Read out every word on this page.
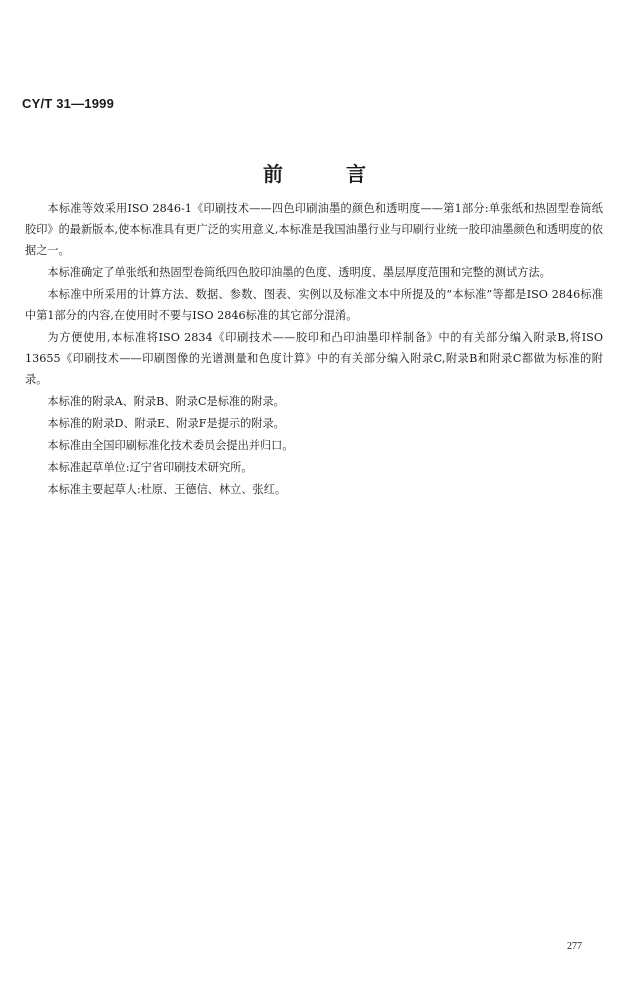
CY/T 31—1999
前 言

本标准等效采用ISO 2846-1《印刷技术——四色印刷油墨的颜色和透明度——第1部分:单张纸和热固型卷筒纸胶印》的最新版本,使本标准具有更广泛的实用意义,本标准是我国油墨行业与印刷行业统一胶印油墨颜色和透明度的依据之一。

本标准确定了单张纸和热固型卷筒纸四色胶印油墨的色度、透明度、墨层厚度范围和完整的测试方法。

本标准中所采用的计算方法、数据、参数、图表、实例以及标准文本中所提及的“本标准”等都是ISO 2846标准中第1部分的内容,在使用时不要与ISO 2846标准的其它部分混淆。

为方便使用,本标准将ISO 2834《印刷技术——胶印和凸印油墨印样制备》中的有关部分编入附录B,将ISO 13655《印刷技术——印刷图像的光谱测量和色度计算》中的有关部分编入附录C,附录B和附录C都做为标准的附录。

本标准的附录A、附录B、附录C是标准的附录。

本标准的附录D、附录E、附录F是提示的附录。

本标准由全国印刷标准化技术委员会提出并归口。

本标准起草单位:辽宁省印刷技术研究所。

本标准主要起草人:杜原、王德信、林立、张红。

277
